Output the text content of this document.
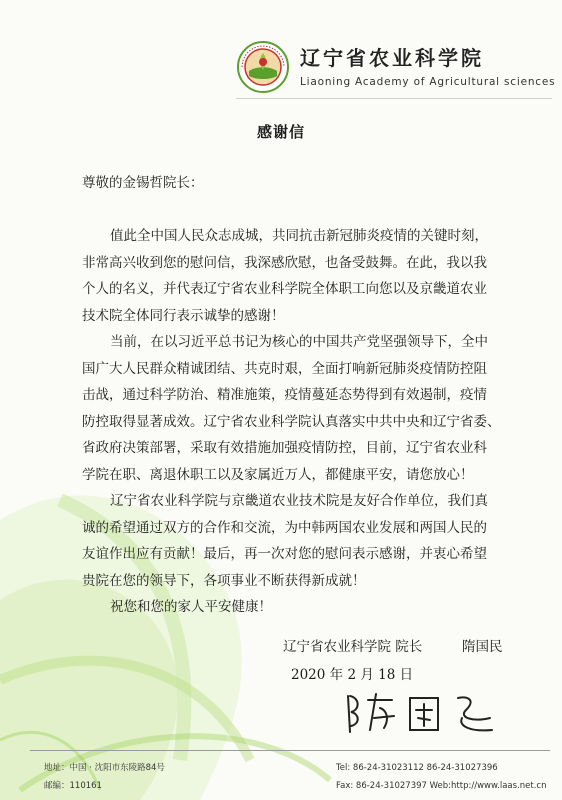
辽宁省农业科学院
Liaoning Academy of Agricultural sciences
感谢信
尊敬的金锡哲院长：
值此全中国人民众志成城，共同抗击新冠肺炎疫情的关键时刻，
非常高兴收到您的慰问信，我深感欣慰，也备受鼓舞。在此，我以我
个人的名义，并代表辽宁省农业科学院全体职工向您以及京畿道农业
技术院全体同行表示诚挚的感谢！
当前，在以习近平总书记为核心的中国共产党坚强领导下，全中
国广大人民群众精诚团结、共克时艰，全面打响新冠肺炎疫情防控阻
击战，通过科学防治、精准施策，疫情蔓延态势得到有效遏制，疫情
防控取得显著成效。辽宁省农业科学院认真落实中共中央和辽宁省委、
省政府决策部署，采取有效措施加强疫情防控，目前，辽宁省农业科
学院在职、离退休职工以及家属近万人，都健康平安，请您放心！
辽宁省农业科学院与京畿道农业技术院是友好合作单位，我们真
诚的希望通过双方的合作和交流，为中韩两国农业发展和两国人民的
友谊作出应有贡献！最后，再一次对您的慰问表示感谢，并衷心希望
贵院在您的领导下，各项事业不断获得新成就！
祝您和您的家人平安健康！
辽宁省农业科学院 院长	隋国民
2020 年 2 月 18 日
地址：中国 · 沈阳市东陵路84号
邮编：110161
Tel: 86-24-31023112 86-24-31027396
Fax: 86-24-31027397 Web:http://www.laas.net.cn
